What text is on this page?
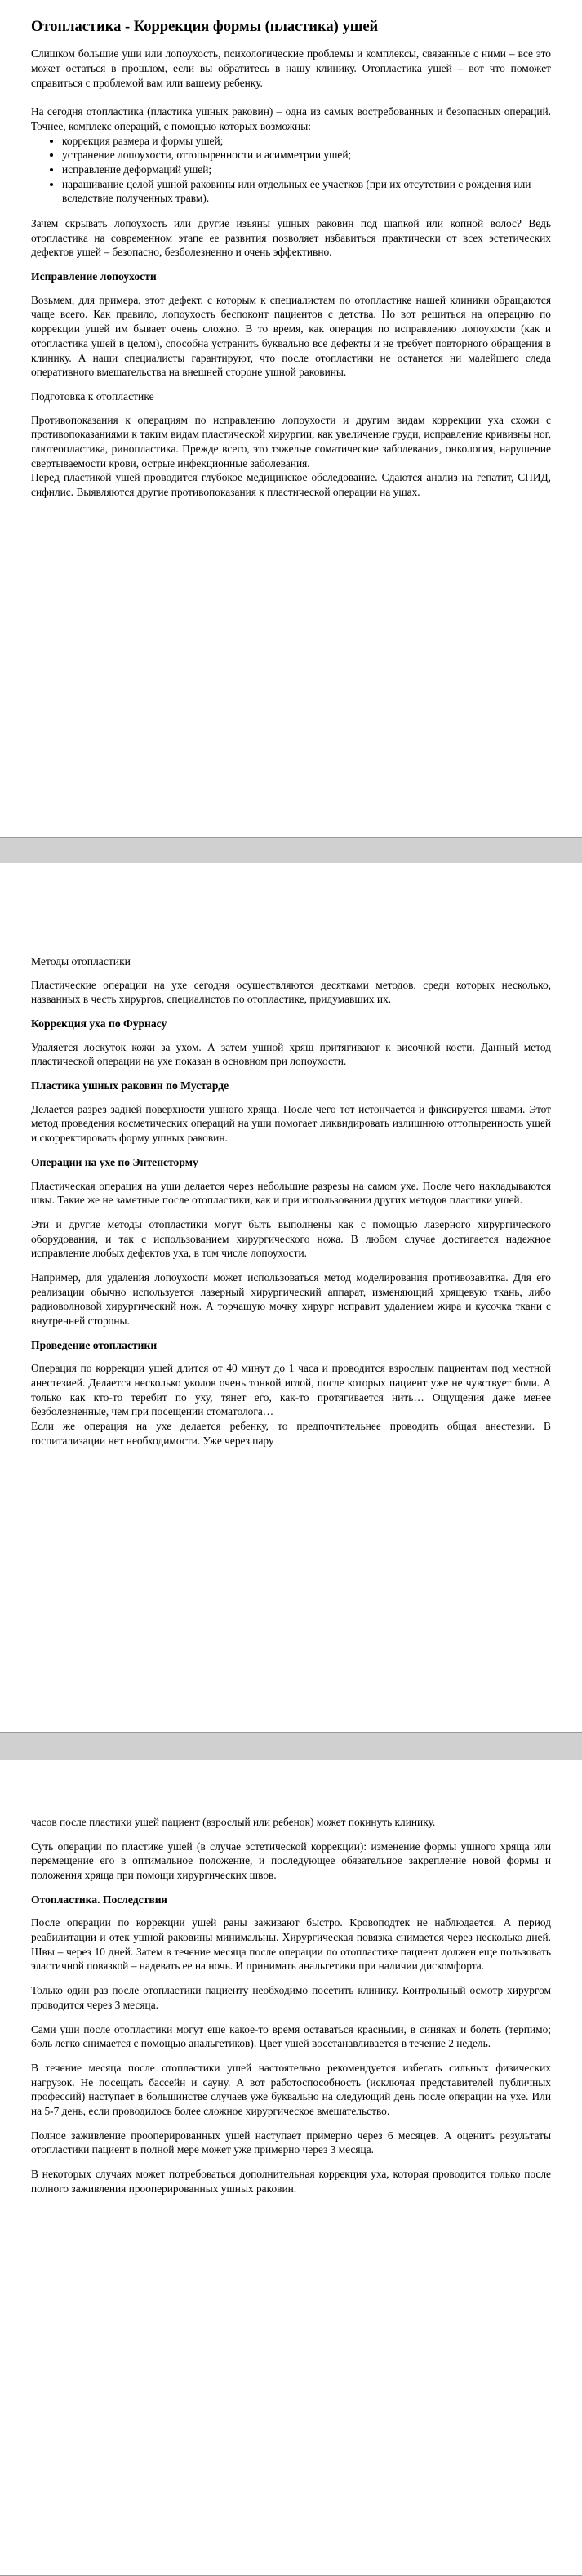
Отопластика - Коррекция формы (пластика) ушей

Слишком большие уши или лопоухость, психологические проблемы и комплексы, связанные с ними – все это может остаться в прошлом, если вы обратитесь в нашу клинику. Отопластика ушей – вот что поможет справиться с проблемой вам или вашему ребенку.

На сегодня отопластика (пластика ушных раковин) – одна из самых востребованных и безопасных операций. Точнее, комплекс операций, с помощью которых возможны:

• коррекция размера и формы ушей;
• устранение лопоухости, оттопыренности и асимметрии ушей;
• исправление деформаций ушей;
• наращивание целой ушной раковины или отдельных ее участков (при их отсутствии с рождения или вследствие полученных травм).

Зачем скрывать лопоухость или другие изъяны ушных раковин под шапкой или копной волос? Ведь отопластика на современном этапе ее развития позволяет избавиться практически от всех эстетических дефектов ушей – безопасно, безболезненно и очень эффективно.

Исправление лопоухости

Возьмем, для примера, этот дефект, с которым к специалистам по отопластике нашей клиники обращаются чаще всего. Как правило, лопоухость беспокоит пациентов с детства. Но вот решиться на операцию по коррекции ушей им бывает очень сложно. В то время, как операция по исправлению лопоухости (как и отопластика ушей в целом), способна устранить буквально все дефекты и не требует повторного обращения в клинику. А наши специалисты гарантируют, что после отопластики не останется ни малейшего следа оперативного вмешательства на внешней стороне ушной раковины.

Подготовка к отопластике

Противопоказания к операциям по исправлению лопоухости и другим видам коррекции уха схожи с противопоказаниями к таким видам пластической хирургии, как увеличение груди, исправление кривизны ног, глютеопластика, ринопластика. Прежде всего, это тяжелые соматические заболевания, онкология, нарушение свертываемости крови, острые инфекционные заболевания.

Перед пластикой ушей проводится глубокое медицинское обследование. Сдаются анализ на гепатит, СПИД, сифилис. Выявляются другие противопоказания к пластической операции на ушах.

Методы отопластики

Пластические операции на ухе сегодня осуществляются десятками методов, среди которых несколько, названных в честь хирургов, специалистов по отопластике, придумавших их.

Коррекция уха по Фурнасу

Удаляется лоскуток кожи за ухом. А затем ушной хрящ притягивают к височной кости. Данный метод пластической операции на ухе показан в основном при лопоухости.

Пластика ушных раковин по Мустарде

Делается разрез задней поверхности ушного хряща. После чего тот истончается и фиксируется швами. Этот метод проведения косметических операций на уши помогает ликвидировать излишнюю оттопыренность ушей и скорректировать форму ушных раковин.

Операции на ухе по Энтенсторму

Пластическая операция на уши делается через небольшие разрезы на самом ухе. После чего накладываются швы. Такие же не заметные после отопластики, как и при использовании других методов пластики ушей.

Эти и другие методы отопластики могут быть выполнены как с помощью лазерного хирургического оборудования, и так с использованием хирургического ножа. В любом случае достигается надежное исправление любых дефектов уха, в том числе лопоухости.

Например, для удаления лопоухости может использоваться метод моделирования противозавитка. Для его реализации обычно используется лазерный хирургический аппарат, изменяющий хрящевую ткань, либо радиоволновой хирургический нож. А торчащую мочку хирург исправит удалением жира и кусочка ткани с внутренней стороны.

Проведение отопластики

Операция по коррекции ушей длится от 40 минут до 1 часа и проводится взрослым пациентам под местной анестезией. Делается несколько уколов очень тонкой иглой, после которых пациент уже не чувствует боли. А только как кто-то теребит по уху, тянет его, как-то протягивается нить… Ощущения даже менее безболезненные, чем при посещении стоматолога…

Если же операция на ухе делается ребенку, то предпочтительнее проводить общая анестезии. В госпитализации нет необходимости. Уже через пару

часов после пластики ушей пациент (взрослый или ребенок) может покинуть клинику.

Суть операции по пластике ушей (в случае эстетической коррекции): изменение формы ушного хряща или перемещение его в оптимальное положение, и последующее обязательное закрепление новой формы и положения хряща при помощи хирургических швов.

Отопластика. Последствия

После операции по коррекции ушей раны заживают быстро. Кровоподтек не наблюдается. А период реабилитации и отек ушной раковины минимальны. Хирургическая повязка снимается через несколько дней. Швы – через 10 дней. Затем в течение месяца после операции по отопластике пациент должен еще пользовать эластичной повязкой – надевать ее на ночь. И принимать анальгетики при наличии дискомфорта.

Только один раз после отопластики пациенту необходимо посетить клинику. Контрольный осмотр хирургом проводится через 3 месяца.

Сами уши после отопластики могут еще какое-то время оставаться красными, в синяках и болеть (терпимо; боль легко снимается с помощью анальгетиков). Цвет ушей восстанавливается в течение 2 недель.

В течение месяца после отопластики ушей настоятельно рекомендуется избегать сильных физических нагрузок. Не посещать бассейн и сауну. А вот работоспособность (исключая представителей публичных профессий) наступает в большинстве случаев уже буквально на следующий день после операции на ухе. Или на 5-7 день, если проводилось более сложное хирургическое вмешательство.

Полное заживление прооперированных ушей наступает примерно через 6 месяцев. А оценить результаты отопластики пациент в полной мере может уже примерно через 3 месяца.

В некоторых случаях может потребоваться дополнительная коррекция уха, которая проводится только после полного заживления прооперированных ушных раковин.
